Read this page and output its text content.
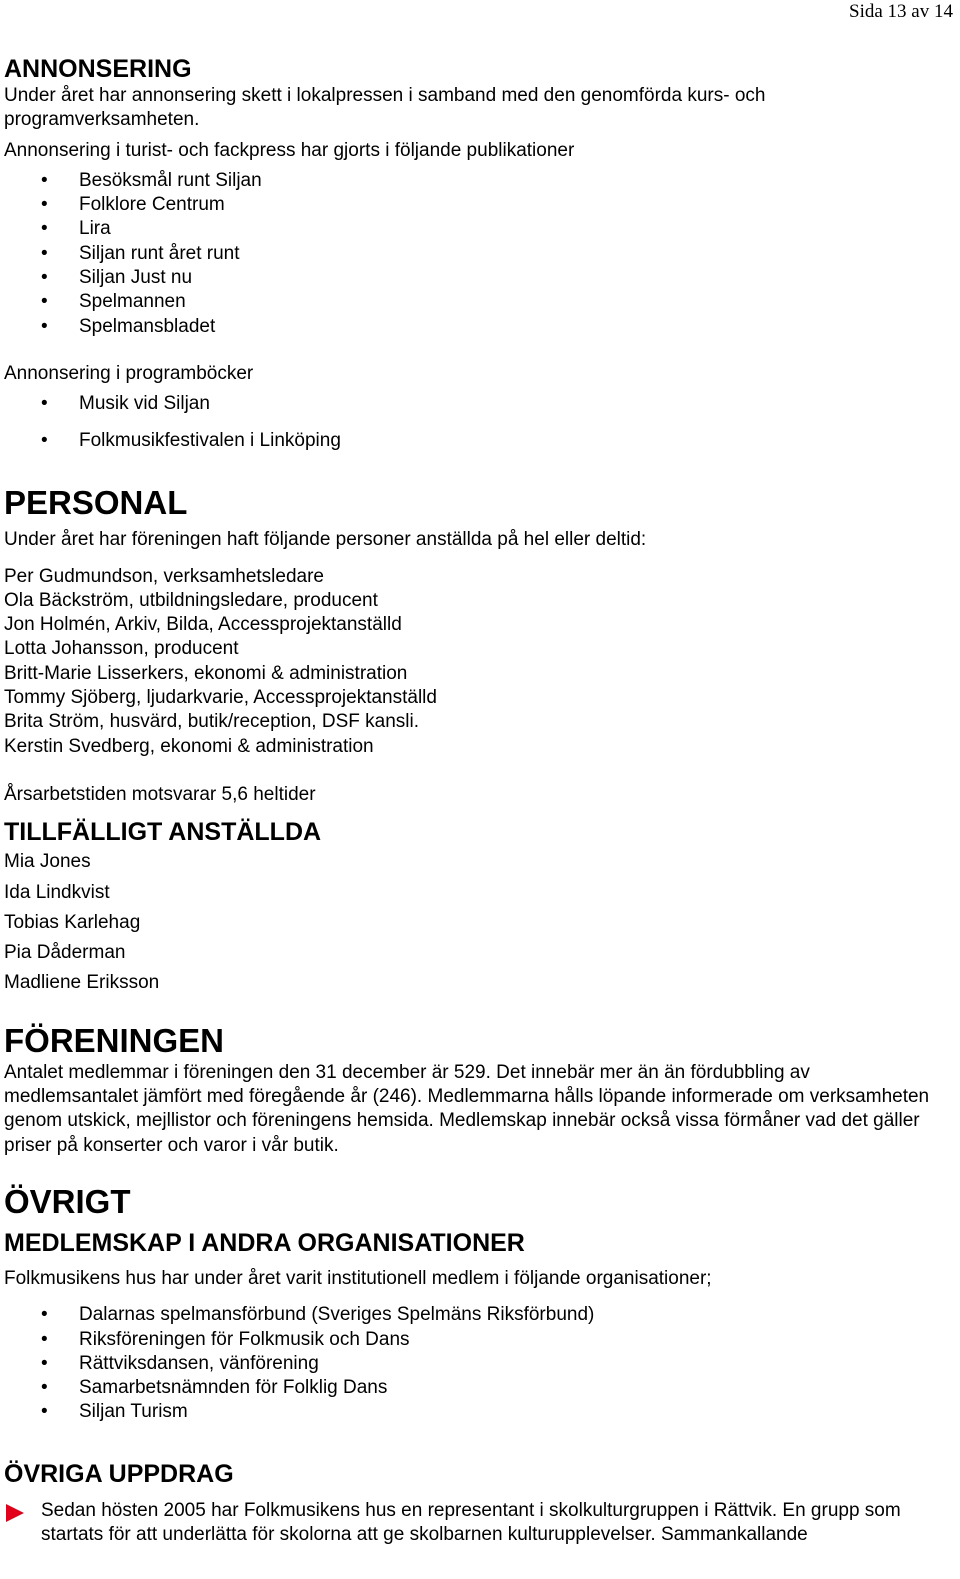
Sida 13 av 14
ANNONSERING

Under året har annonsering skett i lokalpressen i samband med den genomförda kurs- och programverksamheten.

Annonsering i turist- och fackpress har gjorts i följande publikationer

• Besöksmål runt Siljan
• Folklore Centrum
• Lira
• Siljan runt året runt
• Siljan Just nu
• Spelmannen
• Spelmansbladet

Annonsering i programböcker

• Musik vid Siljan
• Folkmusikfestivalen i Linköping
PERSONAL

Under året har föreningen haft följande personer anställda på hel eller deltid:

Per Gudmundson, verksamhetsledare

Ola Bäckström, utbildningsledare, producent

Jon Holmén, Arkiv, Bilda, Accessprojektanställd

Lotta Johansson, producent

Britt-Marie Lisserkers, ekonomi & administration

Tommy Sjöberg, ljudarkvarie, Accessprojektanställd

Brita Ström, husvärd, butik/reception, DSF kansli.

Kerstin Svedberg, ekonomi & administration

Årsarbetstiden motsvarar 5,6 heltider

TILLFÄLLIGT ANSTÄLLDA

Mia Jones

Ida Lindkvist

Tobias Karlehag

Pia Dåderman

Madliene Eriksson

FÖRENINGEN

Antalet medlemmar i föreningen den 31 december är 529. Det innebär mer än än fördubbling av medlemsantalet jämfört med föregående år (246). Medlemmarna hålls löpande informerade om verksamheten genom utskick, mejllistor och föreningens hemsida. Medlemskap innebär också vissa förmåner vad det gäller priser på konserter och varor i vår butik.

ÖVRIGT
MEDLEMSKAP I ANDRA ORGANISATIONER

Folkmusikens hus har under året varit institutionell medlem i följande organisationer;

• Dalarnas spelmansförbund (Sveriges Spelmäns Riksförbund)
• Riksföreningen för Folkmusik och Dans
• Rättviksdansen, vänförening
• Samarbetsnämnden för Folklig Dans
• Siljan Turism
ÖVRIGA UPPDRAG
Sedan hösten 2005 har Folkmusikens hus en representant i skolkulturgruppen i Rättvik. En grupp som startats för att underlätta för skolorna att ge skolbarnen kulturupplevelser. Sammankallande
